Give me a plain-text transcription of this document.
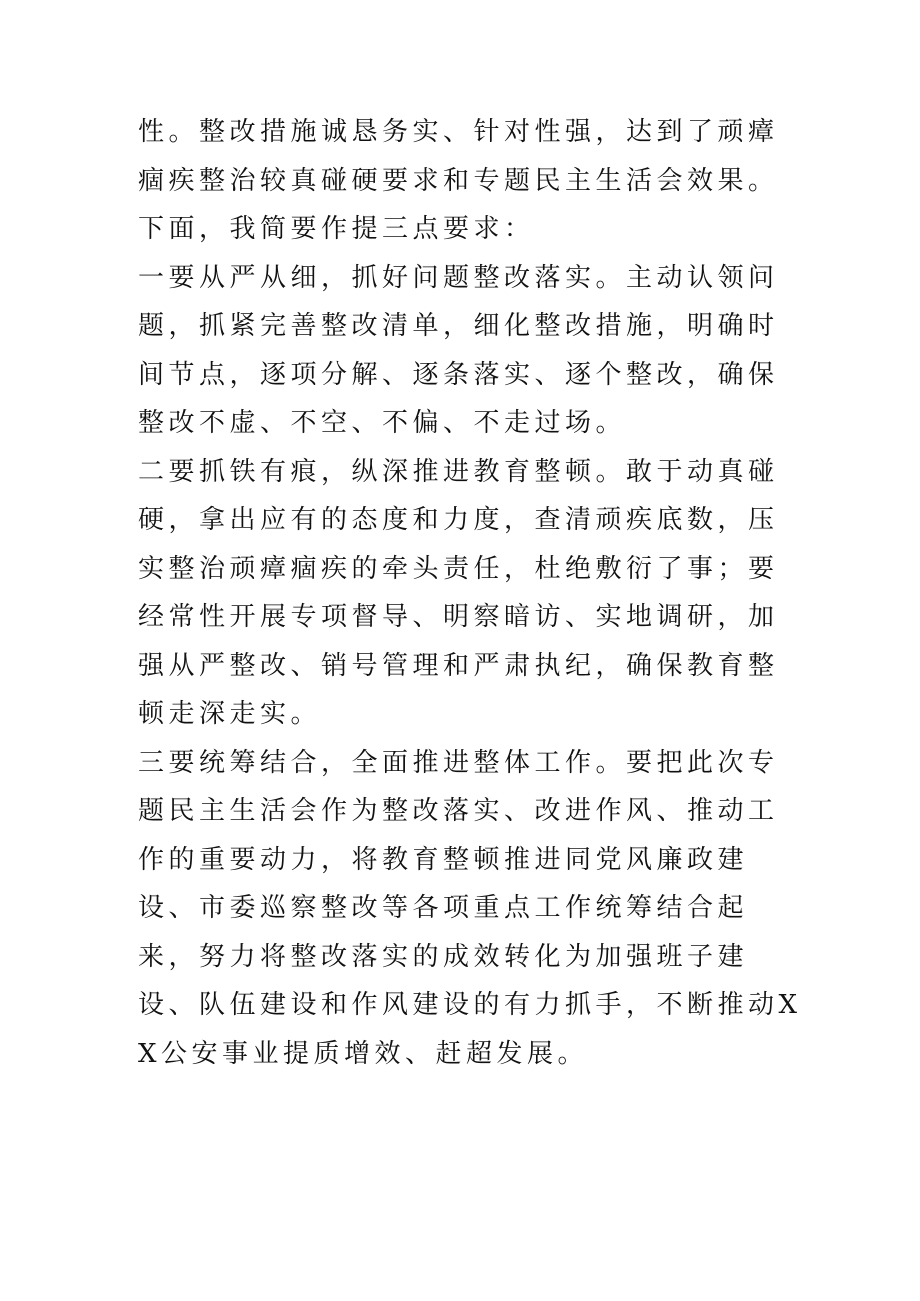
性。整改措施诚恳务实、针对性强，达到了顽瘴痼疾整治较真碰硬要求和专题民主生活会效果。

下面，我简要作提三点要求：

一要从严从细，抓好问题整改落实。主动认领问题，抓紧完善整改清单，细化整改措施，明确时间节点，逐项分解、逐条落实、逐个整改，确保整改不虚、不空、不偏、不走过场。

二要抓铁有痕，纵深推进教育整顿。敢于动真碰硬，拿出应有的态度和力度，查清顽疾底数，压实整治顽瘴痼疾的牵头责任，杜绝敷衍了事；要经常性开展专项督导、明察暗访、实地调研，加强从严整改、销号管理和严肃执纪，确保教育整顿走深走实。

三要统筹结合，全面推进整体工作。要把此次专题民主生活会作为整改落实、改进作风、推动工作的重要动力，将教育整顿推进同党风廉政建设、市委巡察整改等各项重点工作统筹结合起来，努力将整改落实的成效转化为加强班子建设、队伍建设和作风建设的有力抓手，不断推动XX公安事业提质增效、赶超发展。
